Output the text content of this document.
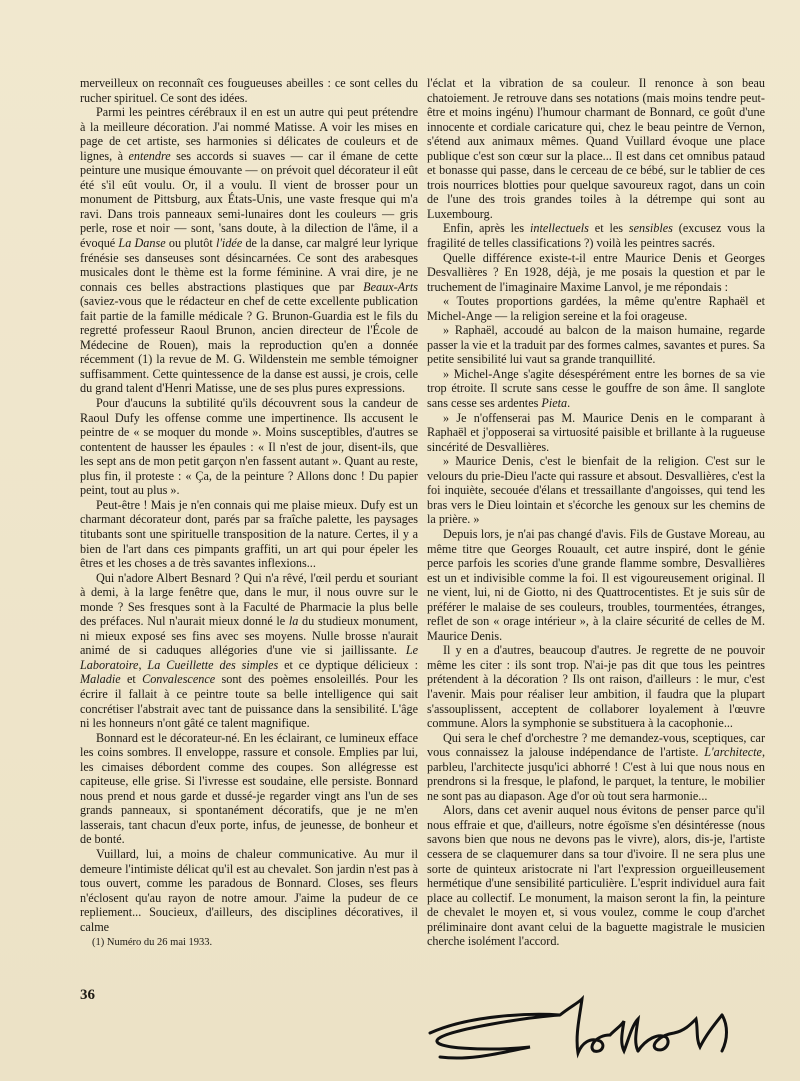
merveilleux on reconnaît ces fougueuses abeilles : ce sont celles du rucher spirituel. Ce sont des idées.

Parmi les peintres cérébraux il en est un autre qui peut prétendre à la meilleure décoration. J'ai nommé Matisse. A voir les mises en page de cet artiste, ses harmonies si délicates de couleurs et de lignes, à entendre ses accords si suaves — car il émane de cette peinture une musique émouvante — on prévoit quel décorateur il eût été s'il eût voulu. Or, il a voulu. Il vient de brosser pour un monument de Pittsburg, aux États-Unis, une vaste fresque qui m'a ravi. Dans trois panneaux semi-lunaires dont les couleurs — gris perle, rose et noir — sont, 'sans doute, à la dilection de l'âme, il a évoqué La Danse ou plutôt l'idée de la danse, car malgré leur lyrique frénésie ses danseuses sont désincarnées. Ce sont des arabesques musicales dont le thème est la forme féminine. A vrai dire, je ne connais ces belles abstractions plastiques que par Beaux-Arts (saviez-vous que le rédacteur en chef de cette excellente publication fait partie de la famille médicale ? G. Brunon-Guardia est le fils du regretté professeur Raoul Brunon, ancien directeur de l'École de Médecine de Rouen), mais la reproduction qu'en a donnée récemment (1) la revue de M. G. Wildenstein me semble témoigner suffisamment. Cette quintessence de la danse est aussi, je crois, celle du grand talent d'Henri Matisse, une de ses plus pures expressions.

Pour d'aucuns la subtilité qu'ils découvrent sous la candeur de Raoul Dufy les offense comme une impertinence. Ils accusent le peintre de « se moquer du monde ». Moins susceptibles, d'autres se contentent de hausser les épaules : « Il n'est de jour, disent-ils, que les sept ans de mon petit garçon n'en fassent autant ». Quant au reste, plus fin, il proteste : « Ça, de la peinture ? Allons donc ! Du papier peint, tout au plus ».

Peut-être ! Mais je n'en connais qui me plaise mieux. Dufy est un charmant décorateur dont, parés par sa fraîche palette, les paysages titubants sont une spirituelle transposition de la nature. Certes, il y a bien de l'art dans ces pimpants graffiti, un art qui pour épeler les êtres et les choses a de très savantes inflexions...

Qui n'adore Albert Besnard ? Qui n'a rêvé, l'œil perdu et souriant à demi, à la large fenêtre que, dans le mur, il nous ouvre sur le monde ? Ses fresques sont à la Faculté de Pharmacie la plus belle des préfaces. Nul n'aurait mieux donné le la du studieux monument, ni mieux exposé ses fins avec ses moyens. Nulle brosse n'aurait animé de si caduques allégories d'une vie si jaillissante. Le Laboratoire, La Cueillette des simples et ce dyptique délicieux : Maladie et Convalescence sont des poèmes ensoleillés. Pour les écrire il fallait à ce peintre toute sa belle intelligence qui sait concrétiser l'abstrait avec tant de puissance dans la sensibilité. L'âge ni les honneurs n'ont gâté ce talent magnifique.

Bonnard est le décorateur-né. En les éclairant, ce lumineux efface les coins sombres. Il enveloppe, rassure et console. Emplies par lui, les cimaises débordent comme des coupes. Son allégresse est capiteuse, elle grise. Si l'ivresse est soudaine, elle persiste. Bonnard nous prend et nous garde et dussé-je regarder vingt ans l'un de ses grands panneaux, si spontanément décoratifs, que je ne m'en lasserais, tant chacun d'eux porte, infus, de jeunesse, de bonheur et de bonté.

Vuillard, lui, a moins de chaleur communicative. Au mur il demeure l'intimiste délicat qu'il est au chevalet. Son jardin n'est pas à tous ouvert, comme les paradous de Bonnard. Closes, ses fleurs n'éclosent qu'au rayon de notre amour. J'aime la pudeur de ce repliement... Soucieux, d'ailleurs, des disciplines décoratives, il calme

(1) Numéro du 26 mai 1933.

l'éclat et la vibration de sa couleur. Il renonce à son beau chatoiement. Je retrouve dans ses notations (mais moins tendre peut-être et moins ingénu) l'humour charmant de Bonnard, ce goût d'une innocente et cordiale caricature qui, chez le beau peintre de Vernon, s'étend aux animaux mêmes. Quand Vuillard évoque une place publique c'est son cœur sur la place... Il est dans cet omnibus pataud et bonasse qui passe, dans le cerceau de ce bébé, sur le tablier de ces trois nourrices blotties pour quelque savoureux ragot, dans un coin de l'une des trois grandes toiles à la détrempe qui sont au Luxembourg.

Enfin, après les intellectuels et les sensibles (excusez vous la fragilité de telles classifications ?) voilà les peintres sacrés.

Quelle différence existe-t-il entre Maurice Denis et Georges Desvallières ? En 1928, déjà, je me posais la question et par le truchement de l'imaginaire Maxime Lanvol, je me répondais :

« Toutes proportions gardées, la même qu'entre Raphaël et Michel-Ange — la religion sereine et la foi orageuse.

» Raphaël, accoudé au balcon de la maison humaine, regarde passer la vie et la traduit par des formes calmes, savantes et pures. Sa petite sensibilité lui vaut sa grande tranquillité.

» Michel-Ange s'agite désespérément entre les bornes de sa vie trop étroite. Il scrute sans cesse le gouffre de son âme. Il sanglote sans cesse ses ardentes Pieta.

» Je n'offenserai pas M. Maurice Denis en le comparant à Raphaël et j'opposerai sa virtuosité paisible et brillante à la rugueuse sincérité de Desvallières.

» Maurice Denis, c'est le bienfait de la religion. C'est sur le velours du prie-Dieu l'acte qui rassure et absout. Desvallières, c'est la foi inquiète, secouée d'élans et tressaillante d'angoisses, qui tend les bras vers le Dieu lointain et s'écorche les genoux sur les chemins de la prière. »

Depuis lors, je n'ai pas changé d'avis. Fils de Gustave Moreau, au même titre que Georges Rouault, cet autre inspiré, dont le génie perce parfois les scories d'une grande flamme sombre, Desvallières est un et indivisible comme la foi. Il est vigoureusement original. Il ne vient, lui, ni de Giotto, ni des Quattrocentistes. Et je suis sûr de préférer le malaise de ses couleurs, troubles, tourmentées, étranges, reflet de son « orage intérieur », à la claire sécurité de celles de M. Maurice Denis.

Il y en a d'autres, beaucoup d'autres. Je regrette de ne pouvoir même les citer : ils sont trop. N'ai-je pas dit que tous les peintres prétendent à la décoration ? Ils ont raison, d'ailleurs : le mur, c'est l'avenir. Mais pour réaliser leur ambition, il faudra que la plupart s'assouplissent, acceptent de collaborer loyalement à l'œuvre commune. Alors la symphonie se substituera à la cacophonie...

Qui sera le chef d'orchestre ? me demandez-vous, sceptiques, car vous connaissez la jalouse indépendance de l'artiste. L'architecte, parbleu, l'architecte jusqu'ici abhorré ! C'est à lui que nous nous en prendrons si la fresque, le plafond, le parquet, la tenture, le mobilier ne sont pas au diapason. Age d'or où tout sera harmonie...

Alors, dans cet avenir auquel nous évitons de penser parce qu'il nous effraie et que, d'ailleurs, notre égoïsme s'en désintéresse (nous savons bien que nous ne devons pas le vivre), alors, dis-je, l'artiste cessera de se claquemurer dans sa tour d'ivoire. Il ne sera plus une sorte de quinteux aristocrate ni l'art l'expression orgueilleusement hermétique d'une sensibilité particulière. L'esprit individuel aura fait place au collectif. Le monument, la maison seront la fin, la peinture de chevalet le moyen et, si vous voulez, comme le coup d'archet préliminaire dont avant celui de la baguette magistrale le musicien cherche isolément l'accord.

36
